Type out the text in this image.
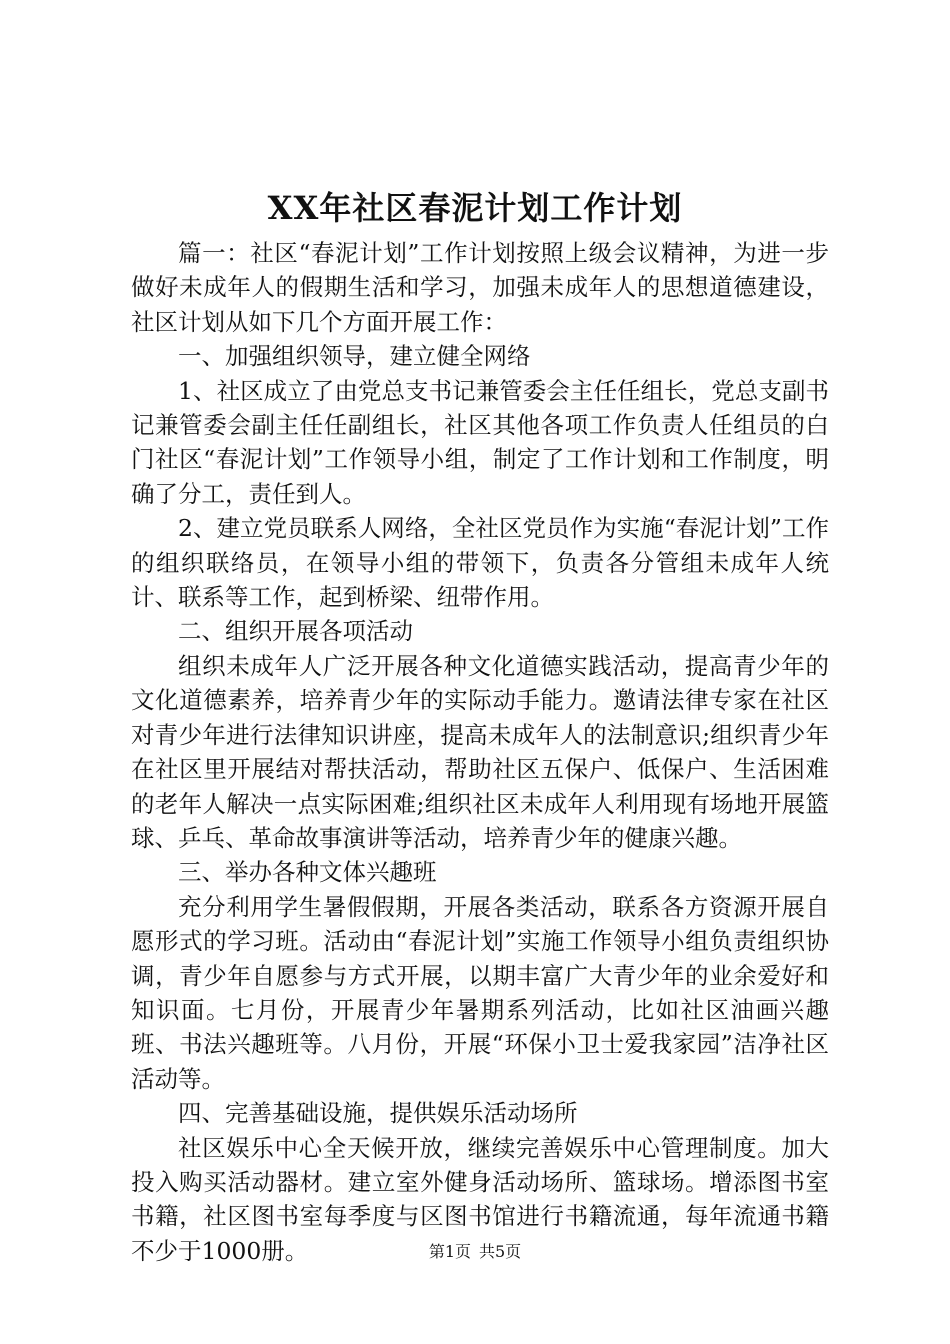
XX年社区春泥计划工作计划

篇一：社区“春泥计划”工作计划按照上级会议精神，为进一步做好未成年人的假期生活和学习，加强未成年人的思想道德建设，社区计划从如下几个方面开展工作：

一、加强组织领导，建立健全网络

1、社区成立了由党总支书记兼管委会主任任组长，党总支副书记兼管委会副主任任副组长，社区其他各项工作负责人任组员的白门社区“春泥计划”工作领导小组，制定了工作计划和工作制度，明确了分工，责任到人。

2、建立党员联系人网络，全社区党员作为实施“春泥计划”工作的组织联络员，在领导小组的带领下，负责各分管组未成年人统计、联系等工作，起到桥梁、纽带作用。

二、组织开展各项活动

组织未成年人广泛开展各种文化道德实践活动，提高青少年的文化道德素养，培养青少年的实际动手能力。邀请法律专家在社区对青少年进行法律知识讲座，提高未成年人的法制意识;组织青少年在社区里开展结对帮扶活动，帮助社区五保户、低保户、生活困难的老年人解决一点实际困难;组织社区未成年人利用现有场地开展篮球、乒乓、革命故事演讲等活动，培养青少年的健康兴趣。

三、举办各种文体兴趣班

充分利用学生暑假假期，开展各类活动，联系各方资源开展自愿形式的学习班。活动由“春泥计划”实施工作领导小组负责组织协调，青少年自愿参与方式开展，以期丰富广大青少年的业余爱好和知识面。七月份，开展青少年暑期系列活动，比如社区油画兴趣班、书法兴趣班等。八月份，开展“环保小卫士爱我家园”洁净社区活动等。

四、完善基础设施，提供娱乐活动场所

社区娱乐中心全天候开放，继续完善娱乐中心管理制度。加大投入购买活动器材。建立室外健身活动场所、篮球场。增添图书室书籍，社区图书室每季度与区图书馆进行书籍流通，每年流通书籍不少于1000册。	第1页 共5页
